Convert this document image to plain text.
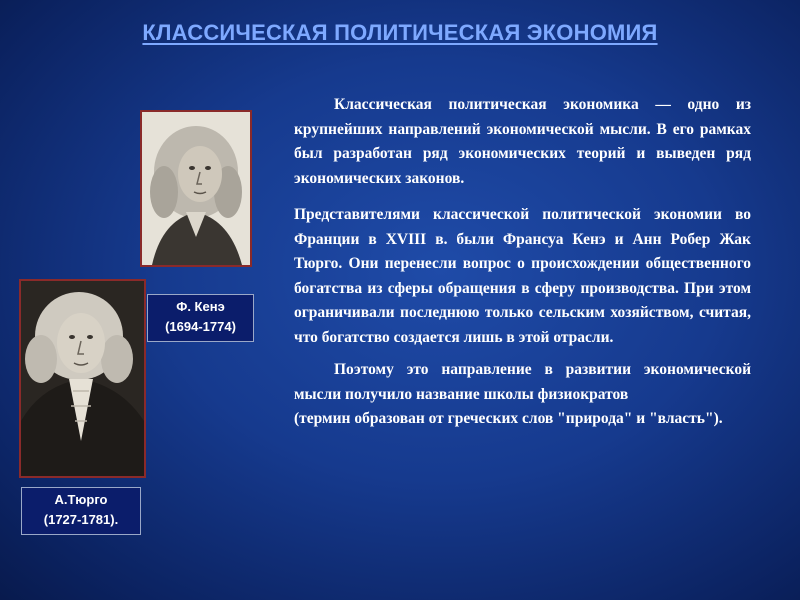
КЛАССИЧЕСКАЯ ПОЛИТИЧЕСКАЯ ЭКОНОМИЯ
Ф. Кенэ
(1694-1774)
А.Тюрго
(1727-1781).

Классическая политическая экономика — одно из крупнейших направлений экономической мысли. В его рамках был разработан ряд экономических теорий и выведен ряд экономических законов.

Представителями классической политической экономии во Франции в XVIII в. были Франсуа Кенэ и Анн Робер Жак Тюрго. Они перенесли вопрос о происхождении общественного богатства из сферы обращения в сферу производства. При этом ограничивали последнюю только сельским хозяйством, считая, что богатство создается лишь в этой отрасли.

Поэтому это направление в развитии экономической мысли получило название школы физиократов

(термин образован от греческих слов "природа" и "власть").
